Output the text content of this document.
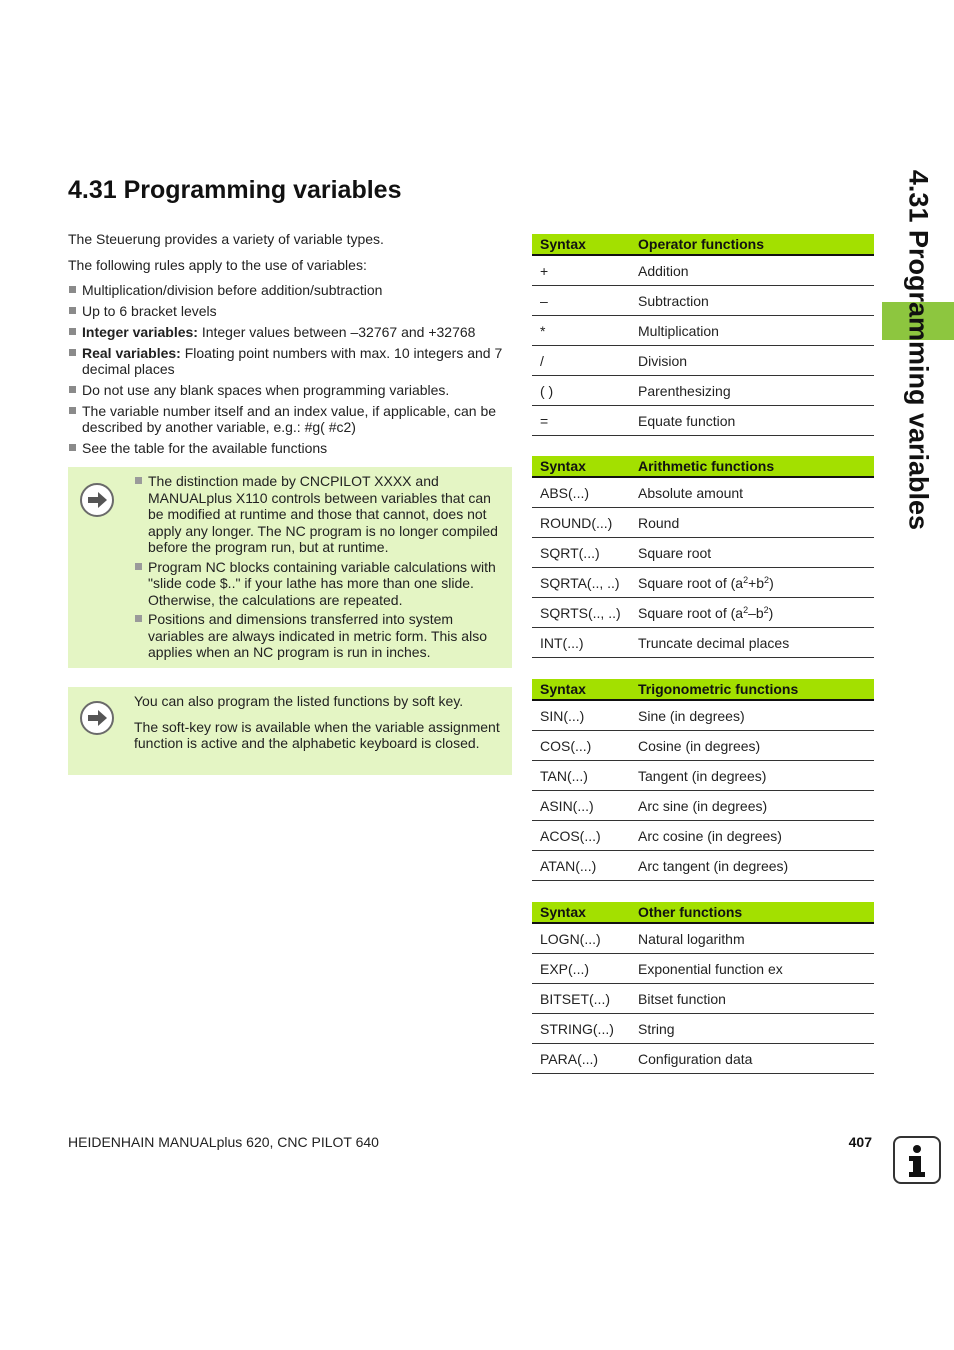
4.31 Programming variables	4.31 Programming variables

The Steuerung provides a variety of variable types.

The following rules apply to the use of variables:

Multiplication/division before addition/subtraction
Up to 6 bracket levels
Integer variables: Integer values between –32767 and +32768
Real variables: Floating point numbers with max. 10 integers and 7 decimal places
Do not use any blank spaces when programming variables.
The variable number itself and an index value, if applicable, can be described by another variable, e.g.: #g( #c2)
See the table for the available functions
The distinction made by CNCPILOT XXXX and MANUALplus X110 controls between variables that can be modified at runtime and those that cannot, does not apply any longer. The NC program is no longer compiled before the program run, but at runtime.
Program NC blocks containing variable calculations with "slide code $.." if your lathe has more than one slide. Otherwise, the calculations are repeated.
Positions and dimensions transferred into system variables are always indicated in metric form. This also applies when an NC program is run in inches.

You can also program the listed functions by soft key.

The soft-key row is available when the variable assignment function is active and the alphabetic keyboard is closed.

Syntax	Operator functions
+	Addition
–	Subtraction
*	Multiplication
/	Division
( )	Parenthesizing
=	Equate function
Syntax	Arithmetic functions
ABS(...)	Absolute amount
ROUND(...)	Round
SQRT(...)	Square root
SQRTA(.., ..)	Square root of $(a^2+b^2)$
SQRTS(.., ..)	Square root of $(a^2-b^2)$
INT(...)	Truncate decimal places
Syntax	Trigonometric functions
SIN(...)	Sine (in degrees)
COS(...)	Cosine (in degrees)
TAN(...)	Tangent (in degrees)
ASIN(...)	Arc sine (in degrees)
ACOS(...)	Arc cosine (in degrees)
ATAN(...)	Arc tangent (in degrees)
Syntax	Other functions
LOGN(...)	Natural logarithm
EXP(...)	Exponential function ex
BITSET(...)	Bitset function
STRING(...)	String
PARA(...)	Configuration data

HEIDENHAIN MANUALplus 620, CNC PILOT 640	407
